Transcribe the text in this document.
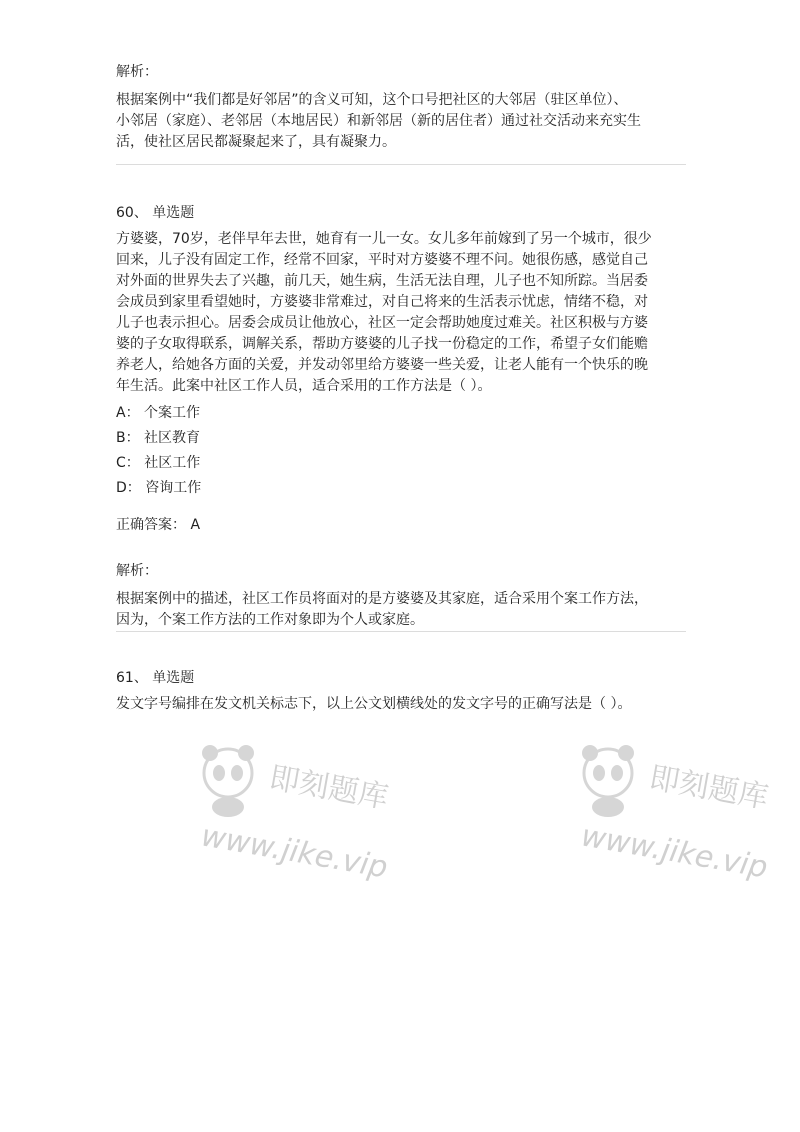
解析：
根据案例中“我们都是好邻居”的含义可知，这个口号把社区的大邻居（驻区单位）、
小邻居（家庭）、老邻居（本地居民）和新邻居（新的居住者）通过社交活动来充实生
活，使社区居民都凝聚起来了，具有凝聚力。
60、 单选题
方婆婆，70岁，老伴早年去世，她育有一儿一女。女儿多年前嫁到了另一个城市，很少
回来，儿子没有固定工作，经常不回家，平时对方婆婆不理不问。她很伤感，感觉自己
对外面的世界失去了兴趣，前几天，她生病，生活无法自理，儿子也不知所踪。当居委
会成员到家里看望她时，方婆婆非常难过，对自己将来的生活表示忧虑，情绪不稳，对
儿子也表示担心。居委会成员让他放心，社区一定会帮助她度过难关。社区积极与方婆
婆的子女取得联系，调解关系，帮助方婆婆的儿子找一份稳定的工作，希望子女们能赡
养老人，给她各方面的关爱，并发动邻里给方婆婆一些关爱，让老人能有一个快乐的晚
年生活。此案中社区工作人员，适合采用的工作方法是（ ）。
A： 个案工作
B： 社区教育
C： 社区工作
D： 咨询工作
正确答案： A
解析：
根据案例中的描述，社区工作员将面对的是方婆婆及其家庭，适合采用个案工作方法，
因为，个案工作方法的工作对象即为个人或家庭。
61、 单选题
发文字号编排在发文机关标志下，以上公文划横线处的发文字号的正确写法是（ ）。
即刻题库
www.jike.vip
即刻题库
www.jike.vip
